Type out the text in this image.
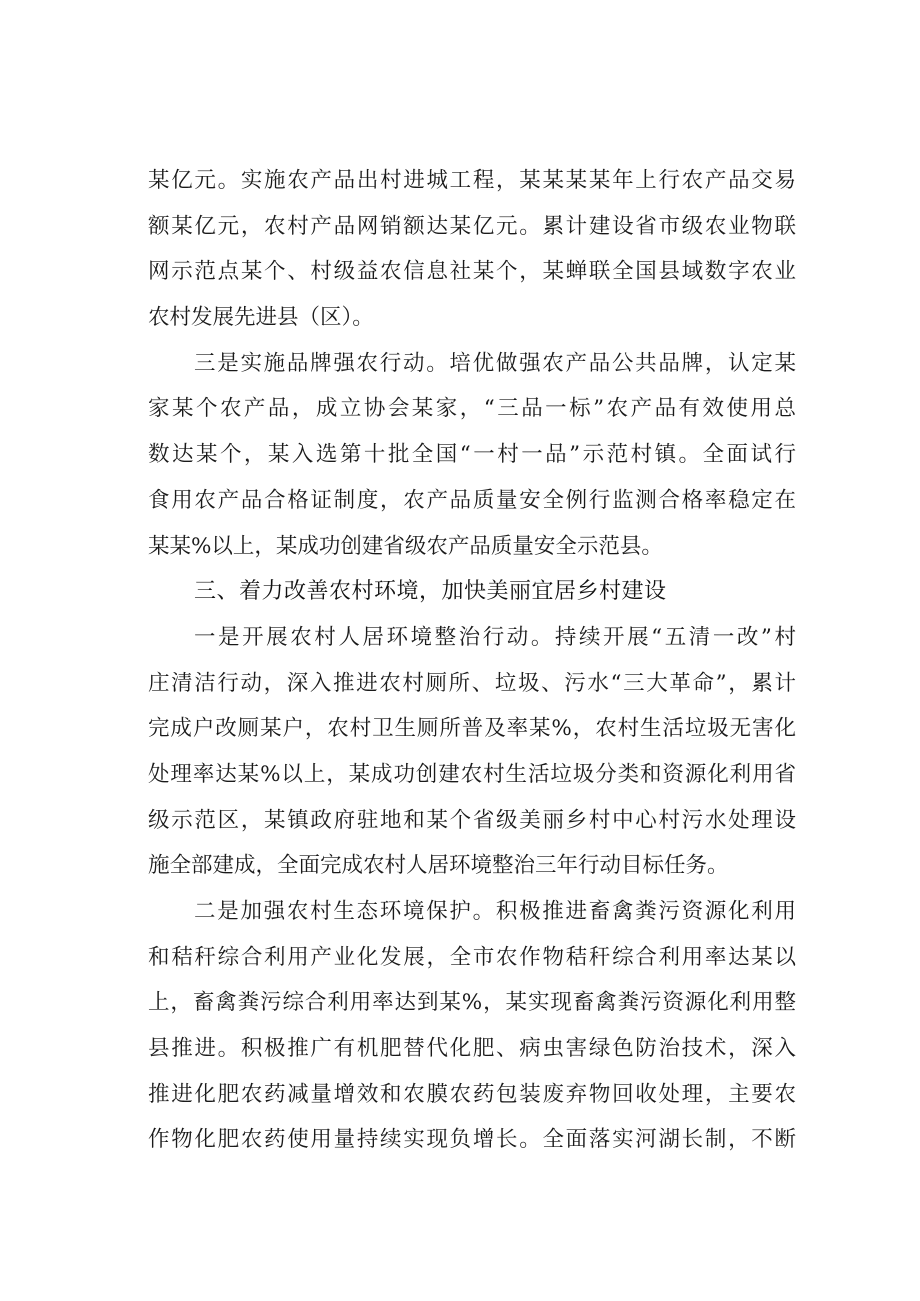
某亿元。实施农产品出村进城工程，某某某某年上行农产品交易
额某亿元，农村产品网销额达某亿元。累计建设省市级农业物联
网示范点某个、村级益农信息社某个，某蝉联全国县域数字农业
农村发展先进县（区）。
三是实施品牌强农行动。培优做强农产品公共品牌，认定某
家某个农产品，成立协会某家，“三品一标”农产品有效使用总
数达某个，某入选第十批全国“一村一品”示范村镇。全面试行
食用农产品合格证制度，农产品质量安全例行监测合格率稳定在
某某%以上，某成功创建省级农产品质量安全示范县。
三、着力改善农村环境，加快美丽宜居乡村建设
一是开展农村人居环境整治行动。持续开展“五清一改”村
庄清洁行动，深入推进农村厕所、垃圾、污水“三大革命”，累计
完成户改厕某户，农村卫生厕所普及率某%，农村生活垃圾无害化
处理率达某%以上，某成功创建农村生活垃圾分类和资源化利用省
级示范区，某镇政府驻地和某个省级美丽乡村中心村污水处理设
施全部建成，全面完成农村人居环境整治三年行动目标任务。
二是加强农村生态环境保护。积极推进畜禽粪污资源化利用
和秸秆综合利用产业化发展，全市农作物秸秆综合利用率达某以
上，畜禽粪污综合利用率达到某%，某实现畜禽粪污资源化利用整
县推进。积极推广有机肥替代化肥、病虫害绿色防治技术，深入
推进化肥农药减量增效和农膜农药包装废弃物回收处理，主要农
作物化肥农药使用量持续实现负增长。全面落实河湖长制，不断
